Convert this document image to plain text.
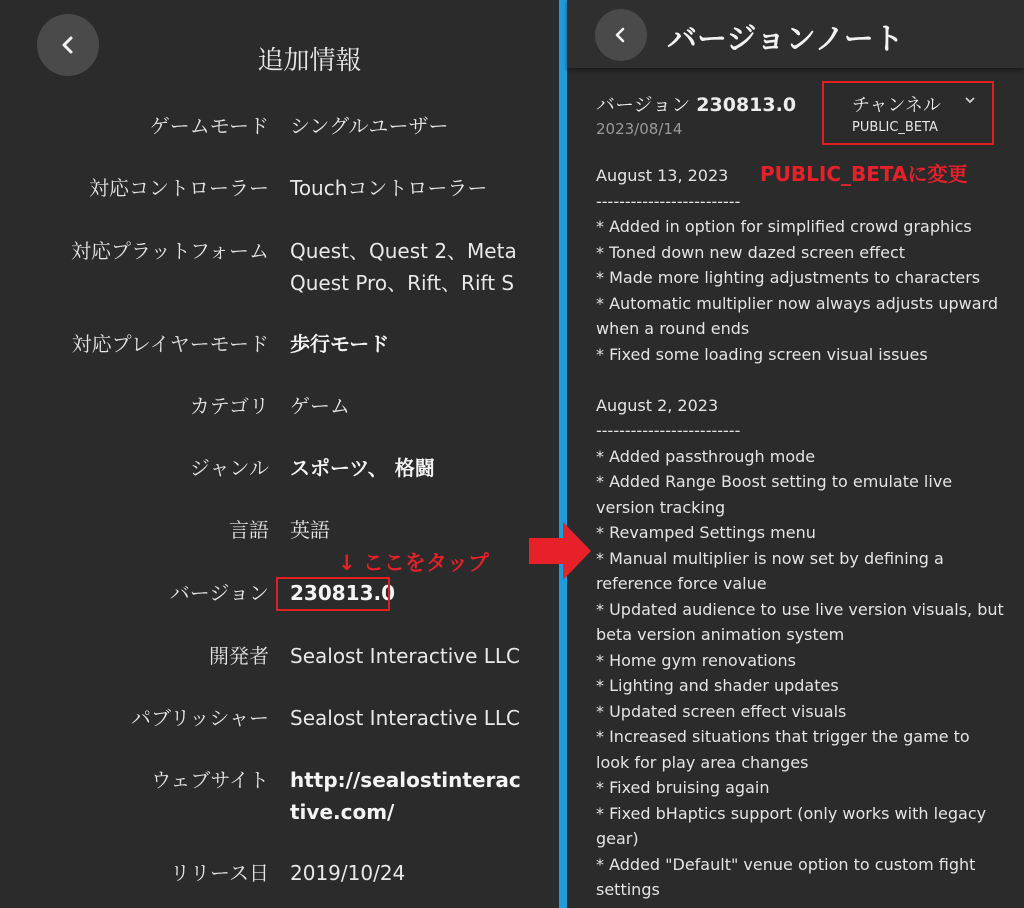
追加情報
ゲームモード シングルユーザー
対応コントローラー Touchコントローラー
対応プラットフォーム Quest、Quest 2、Meta Quest Pro、Rift、Rift S
対応プレイヤーモード 歩行モード
カテゴリ ゲーム
ジャンル スポーツ、 格闘
言語 英語
バージョン 230813.0
開発者 Sealost Interactive LLC
パブリッシャー Sealost Interactive LLC
ウェブサイト http://sealostinteractive.com/
リリース日 2019/10/24
↓ ここをタップ
バージョンノート
バージョン 230813.0
2023/08/14
チャンネル
PUBLIC_BETA
PUBLIC_BETAに変更
August 13, 2023
-------------------------
* Added in option for simplified crowd graphics
* Toned down new dazed screen effect
* Made more lighting adjustments to characters
* Automatic multiplier now always adjusts upward
when a round ends
* Fixed some loading screen visual issues
August 2, 2023
-------------------------
* Added passthrough mode
* Added Range Boost setting to emulate live
version tracking
* Revamped Settings menu
* Manual multiplier is now set by defining a
reference force value
* Updated audience to use live version visuals, but
beta version animation system
* Home gym renovations
* Lighting and shader updates
* Updated screen effect visuals
* Increased situations that trigger the game to
look for play area changes
* Fixed bruising again
* Fixed bHaptics support (only works with legacy
gear)
* Added "Default" venue option to custom fight
settings
